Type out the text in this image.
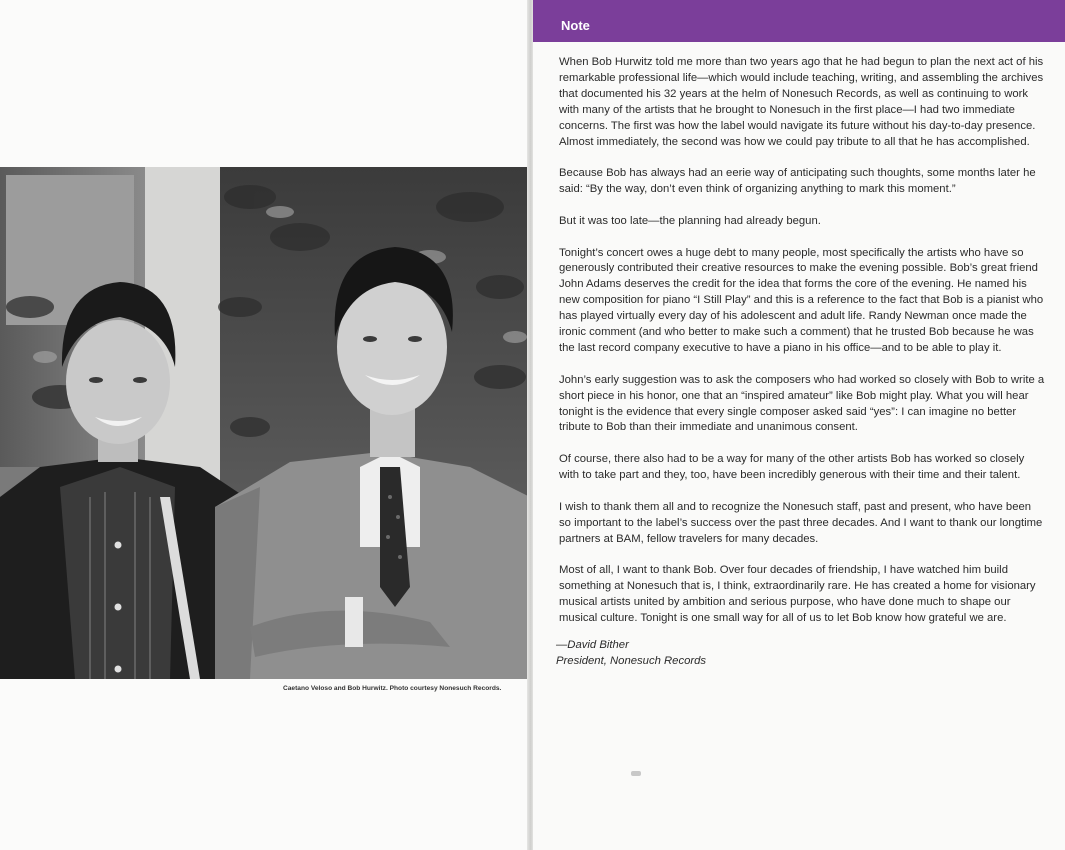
Caetano Veloso and Bob Hurwitz. Photo courtesy Nonesuch Records.
Note

When Bob Hurwitz told me more than two years ago that he had begun to plan the next act of his remarkable professional life—which would include teaching, writing, and assembling the archives that documented his 32 years at the helm of Nonesuch Records, as well as continuing to work with many of the artists that he brought to Nonesuch in the first place—I had two immediate concerns. The first was how the label would navigate its future without his day-to-day presence. Almost immediately, the second was how we could pay tribute to all that he has accomplished.

Because Bob has always had an eerie way of anticipating such thoughts, some months later he said: “By the way, don’t even think of organizing anything to mark this moment.”

But it was too late—the planning had already begun.

Tonight’s concert owes a huge debt to many people, most specifically the artists who have so generously contributed their creative resources to make the evening possible. Bob’s great friend John Adams deserves the credit for the idea that forms the core of the evening. He named his new composition for piano “I Still Play” and this is a reference to the fact that Bob is a pianist who has played virtually every day of his adolescent and adult life. Randy Newman once made the ironic comment (and who better to make such a comment) that he trusted Bob because he was the last record company executive to have a piano in his office—and to be able to play it.

John’s early suggestion was to ask the composers who had worked so closely with Bob to write a short piece in his honor, one that an “inspired amateur” like Bob might play. What you will hear tonight is the evidence that every single composer asked said “yes”: I can imagine no better tribute to Bob than their immediate and unanimous consent.

Of course, there also had to be a way for many of the other artists Bob has worked so closely with to take part and they, too, have been incredibly generous with their time and their talent.

I wish to thank them all and to recognize the Nonesuch staff, past and present, who have been so important to the label’s success over the past three decades. And I want to thank our longtime partners at BAM, fellow travelers for many decades.

Most of all, I want to thank Bob. Over four decades of friendship, I have watched him build something at Nonesuch that is, I think, extraordinarily rare. He has created a home for visionary musical artists united by ambition and serious purpose, who have done much to shape our musical culture. Tonight is one small way for all of us to let Bob know how grateful we are.

—David Bither
President, Nonesuch Records
